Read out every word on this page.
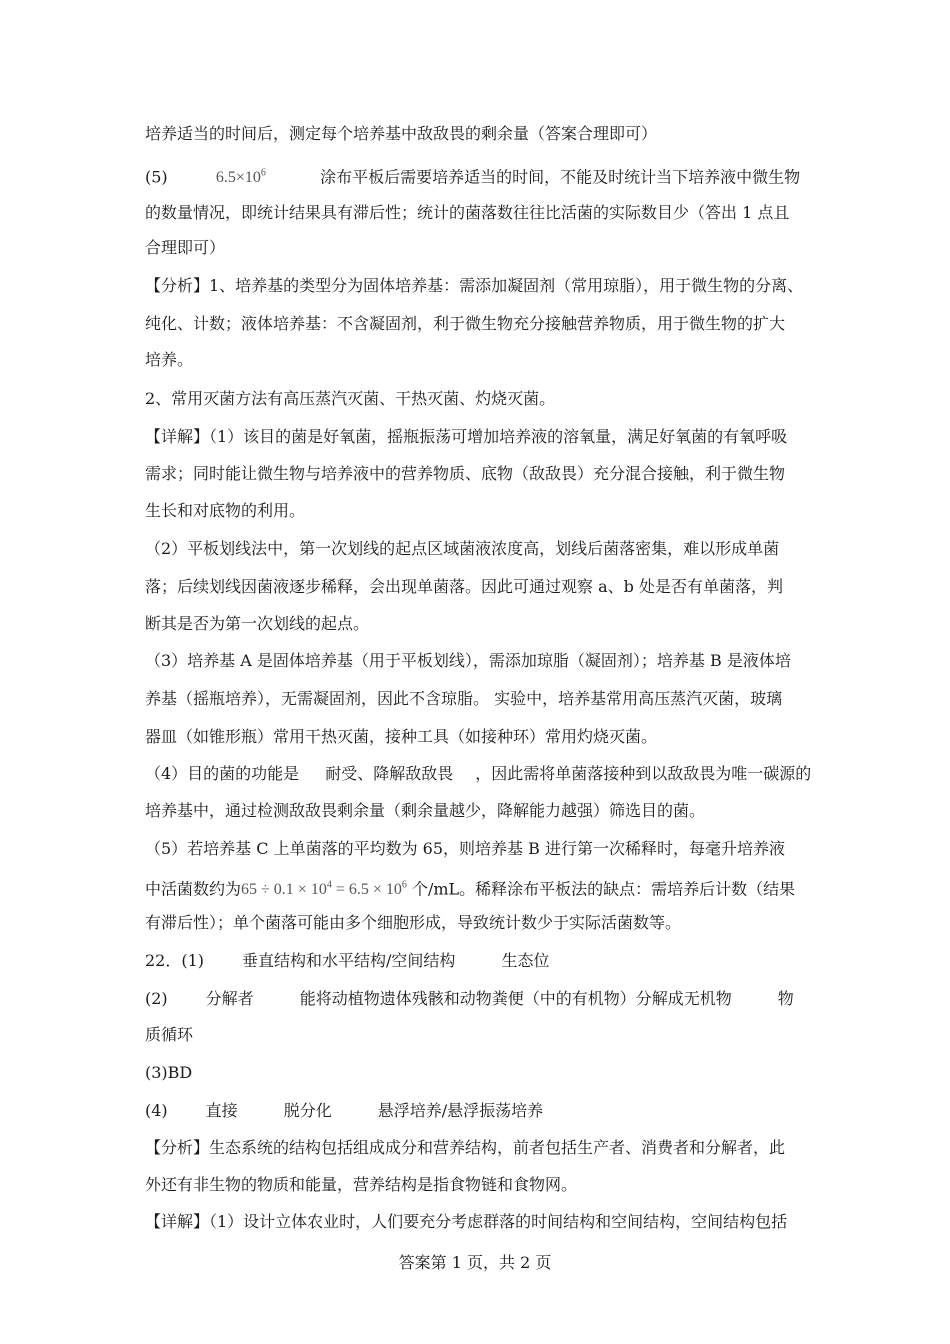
培养适当的时间后，测定每个培养基中敌敌畏的剩余量（答案合理即可）
(5)	$6.5\times 10^6$	涂布平板后需要培养适当的时间，不能及时统计当下培养液中微生物
的数量情况，即统计结果具有滞后性；统计的菌落数往往比活菌的实际数目少（答出 1 点且
合理即可）
【分析】1、培养基的类型分为固体培养基：需添加凝固剂（常用琼脂），用于微生物的分离、
纯化、计数；液体培养基：不含凝固剂，利于微生物充分接触营养物质，用于微生物的扩大
培养。
2、常用灭菌方法有高压蒸汽灭菌、干热灭菌、灼烧灭菌。
【详解】（1）该目的菌是好氧菌，摇瓶振荡可增加培养液的溶氧量，满足好氧菌的有氧呼吸
需求；同时能让微生物与培养液中的营养物质、底物（敌敌畏）充分混合接触，利于微生物
生长和对底物的利用。
（2）平板划线法中，第一次划线的起点区域菌液浓度高，划线后菌落密集，难以形成单菌
落；后续划线因菌液逐步稀释，会出现单菌落。因此可通过观察 a、b 处是否有单菌落，判
断其是否为第一次划线的起点。
（3）培养基 A 是固体培养基（用于平板划线），需添加琼脂（凝固剂）；培养基 B 是液体培
养基（摇瓶培养），无需凝固剂，因此不含琼脂。 实验中，培养基常用高压蒸汽灭菌，玻璃
器皿（如锥形瓶）常用干热灭菌，接种工具（如接种环）常用灼烧灭菌。
（4）目的菌的功能是 耐受、降解敌敌畏 ，因此需将单菌落接种到以敌敌畏为唯一碳源的
培养基中，通过检测敌敌畏剩余量（剩余量越少，降解能力越强）筛选目的菌。
（5）若培养基 C 上单菌落的平均数为 65，则培养基 B 进行第一次稀释时，每毫升培养液
中活菌数约为$65 \div 0.1 \times 10^4 = 6.5 \times 10^6$ 个/mL。稀释涂布平板法的缺点：需培养后计数（结果
有滞后性）；单个菌落可能由多个细胞形成，导致统计数少于实际活菌数等。
22．(1) 垂直结构和水平结构/空间结构	生态位
(2) 分解者	能将动植物遗体残骸和动物粪便（中的有机物）分解成无机物	物
质循环
(3)BD
(4) 直接	脱分化	悬浮培养/悬浮振荡培养
【分析】生态系统的结构包括组成成分和营养结构，前者包括生产者、消费者和分解者，此
外还有非生物的物质和能量，营养结构是指食物链和食物网。
【详解】（1）设计立体农业时，人们要充分考虑群落的时间结构和空间结构，空间结构包括
答案第 1 页，共 2 页
